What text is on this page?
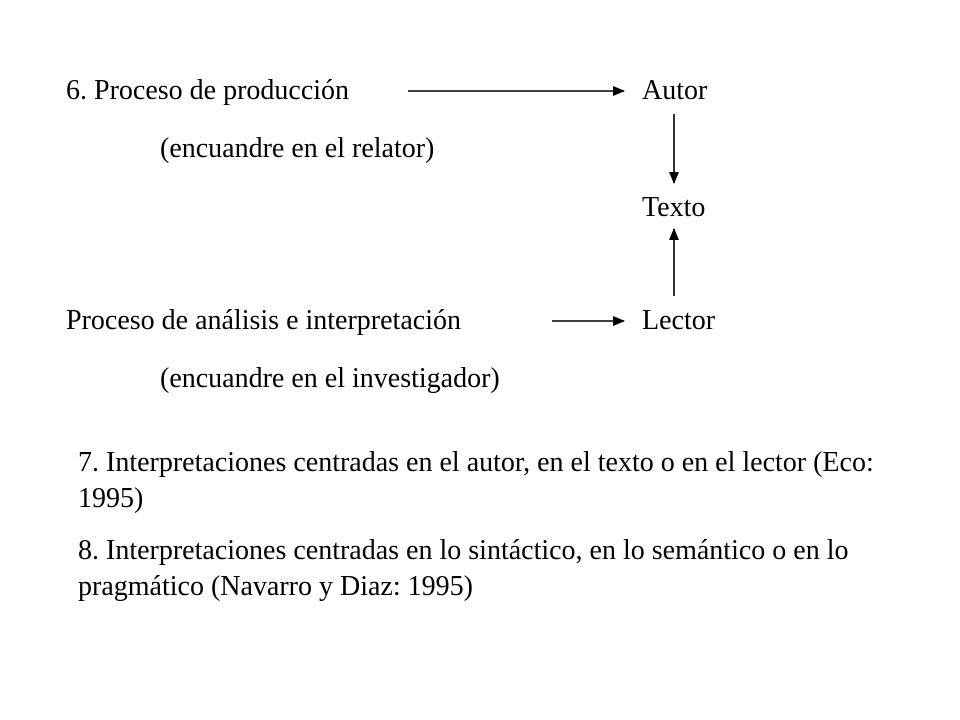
6. Proceso de producción
(encuandre en el relator)
Autor
Texto
Lector
Proceso de análisis e interpretación
(encuandre en el investigador)
7. Interpretaciones centradas en el autor, en el texto o en el lector (Eco: 1995)
8. Interpretaciones centradas en lo sintáctico, en lo semántico o en lo pragmático (Navarro y Diaz: 1995)
